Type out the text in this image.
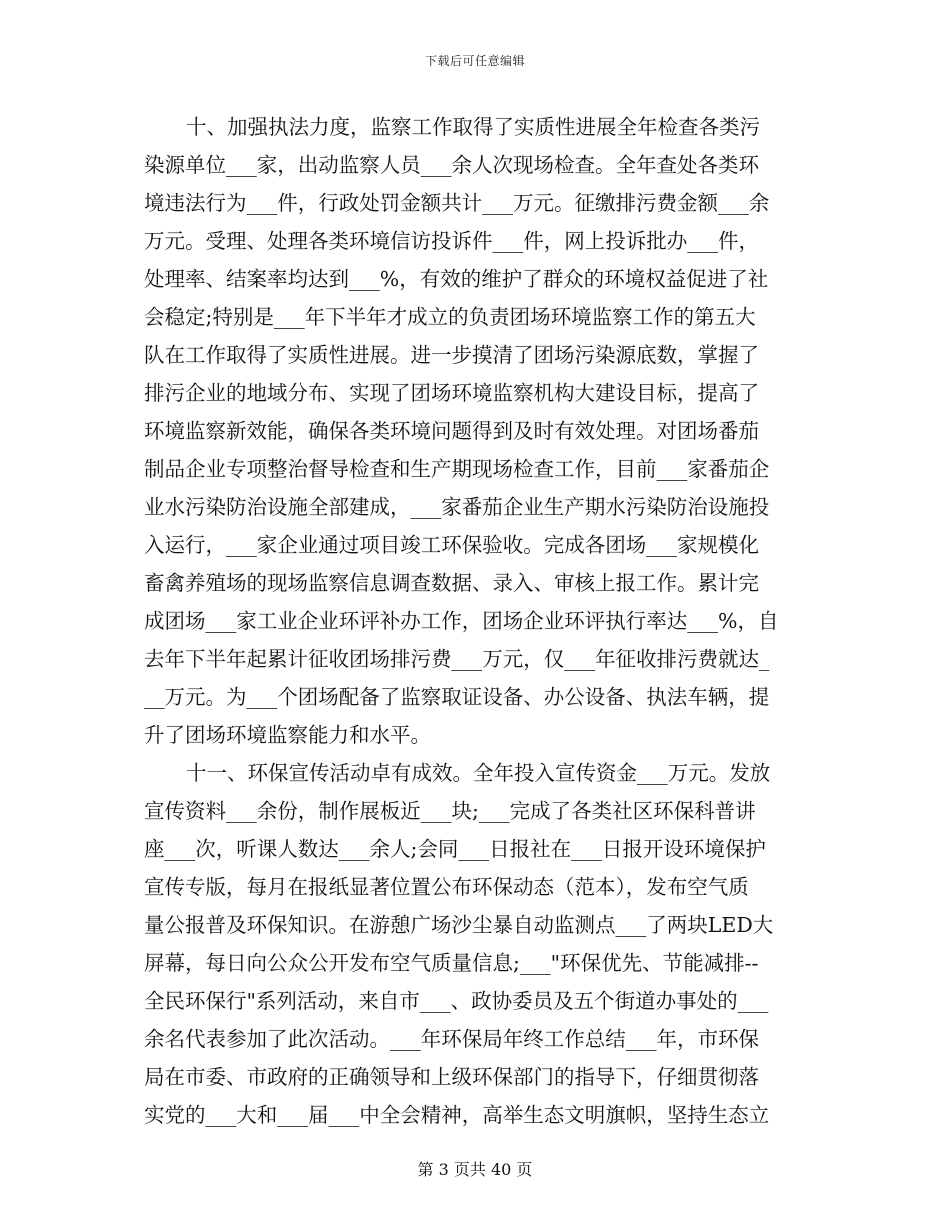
下载后可任意编辑
十、加强执法力度，监察工作取得了实质性进展全年检查各类污
染源单位___家，出动监察人员___余人次现场检查。全年查处各类环
境违法行为___件，行政处罚金额共计___万元。征缴排污费金额___余
万元。受理、处理各类环境信访投诉件___件，网上投诉批办___件，
处理率、结案率均达到___%，有效的维护了群众的环境权益促进了社
会稳定;特别是___年下半年才成立的负责团场环境监察工作的第五大
队在工作取得了实质性进展。进一步摸清了团场污染源底数，掌握了
排污企业的地域分布、实现了团场环境监察机构大建设目标，提高了
环境监察新效能，确保各类环境问题得到及时有效处理。对团场番茄
制品企业专项整治督导检查和生产期现场检查工作，目前___家番茄企
业水污染防治设施全部建成，___家番茄企业生产期水污染防治设施投
入运行，___家企业通过项目竣工环保验收。完成各团场___家规模化
畜禽养殖场的现场监察信息调查数据、录入、审核上报工作。累计完
成团场___家工业企业环评补办工作，团场企业环评执行率达___%，自
去年下半年起累计征收团场排污费___万元，仅___年征收排污费就达_
__万元。为___个团场配备了监察取证设备、办公设备、执法车辆，提
升了团场环境监察能力和水平。
十一、环保宣传活动卓有成效。全年投入宣传资金___万元。发放
宣传资料___余份，制作展板近___块;___完成了各类社区环保科普讲
座___次，听课人数达___余人;会同___日报社在___日报开设环境保护
宣传专版，每月在报纸显著位置公布环保动态（范本），发布空气质
量公报普及环保知识。在游憩广场沙尘暴自动监测点___了两块LED大
屏幕，每日向公众公开发布空气质量信息;___"环保优先、节能减排--
全民环保行"系列活动，来自市___、政协委员及五个街道办事处的___
余名代表参加了此次活动。___年环保局年终工作总结___年，市环保
局在市委、市政府的正确领导和上级环保部门的指导下，仔细贯彻落
实党的___大和___届___中全会精神，高举生态文明旗帜，坚持生态立
第 3 页共 40 页
